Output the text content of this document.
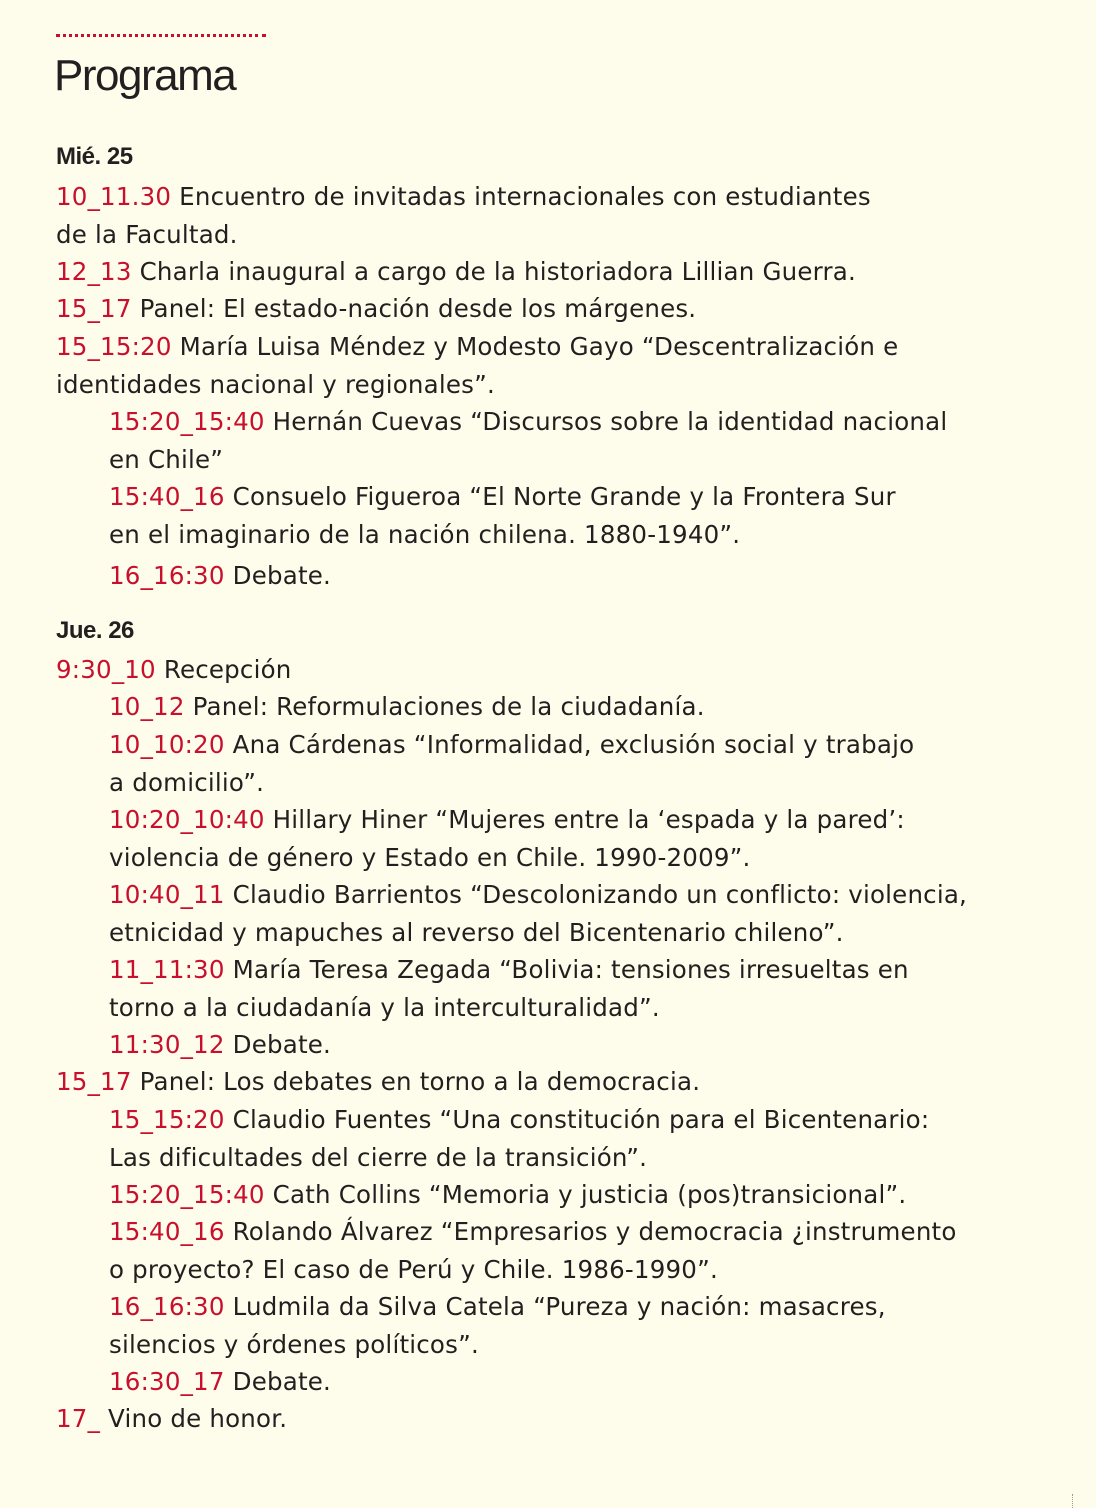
Programa
Mié. 25

10_11.30 Encuentro de invitadas internacionales con estudiantes
de la Facultad.

12_13 Charla inaugural a cargo de la historiadora Lillian Guerra.

15_17 Panel: El estado-nación desde los márgenes.

15_15:20 María Luisa Méndez y Modesto Gayo “Descentralización e
identidades nacional y regionales”.

15:20_15:40 Hernán Cuevas “Discursos sobre la identidad nacional
en Chile”

15:40_16 Consuelo Figueroa “El Norte Grande y la Frontera Sur
en el imaginario de la nación chilena. 1880-1940”.

16_16:30 Debate.

Jue. 26

9:30_10 Recepción

10_12 Panel: Reformulaciones de la ciudadanía.

10_10:20 Ana Cárdenas “Informalidad, exclusión social y trabajo
a domicilio”.

10:20_10:40 Hillary Hiner “Mujeres entre la ‘espada y la pared’:
violencia de género y Estado en Chile. 1990-2009”.

10:40_11 Claudio Barrientos “Descolonizando un conflicto: violencia,
etnicidad y mapuches al reverso del Bicentenario chileno”.

11_11:30 María Teresa Zegada “Bolivia: tensiones irresueltas en
torno a la ciudadanía y la interculturalidad”.

11:30_12 Debate.

15_17 Panel: Los debates en torno a la democracia.

15_15:20 Claudio Fuentes “Una constitución para el Bicentenario:
Las dificultades del cierre de la transición”.

15:20_15:40 Cath Collins “Memoria y justicia (pos)transicional”.

15:40_16 Rolando Álvarez “Empresarios y democracia ¿instrumento
o proyecto? El caso de Perú y Chile. 1986-1990”.

16_16:30 Ludmila da Silva Catela “Pureza y nación: masacres,
silencios y órdenes políticos”.

16:30_17 Debate.

17_ Vino de honor.
